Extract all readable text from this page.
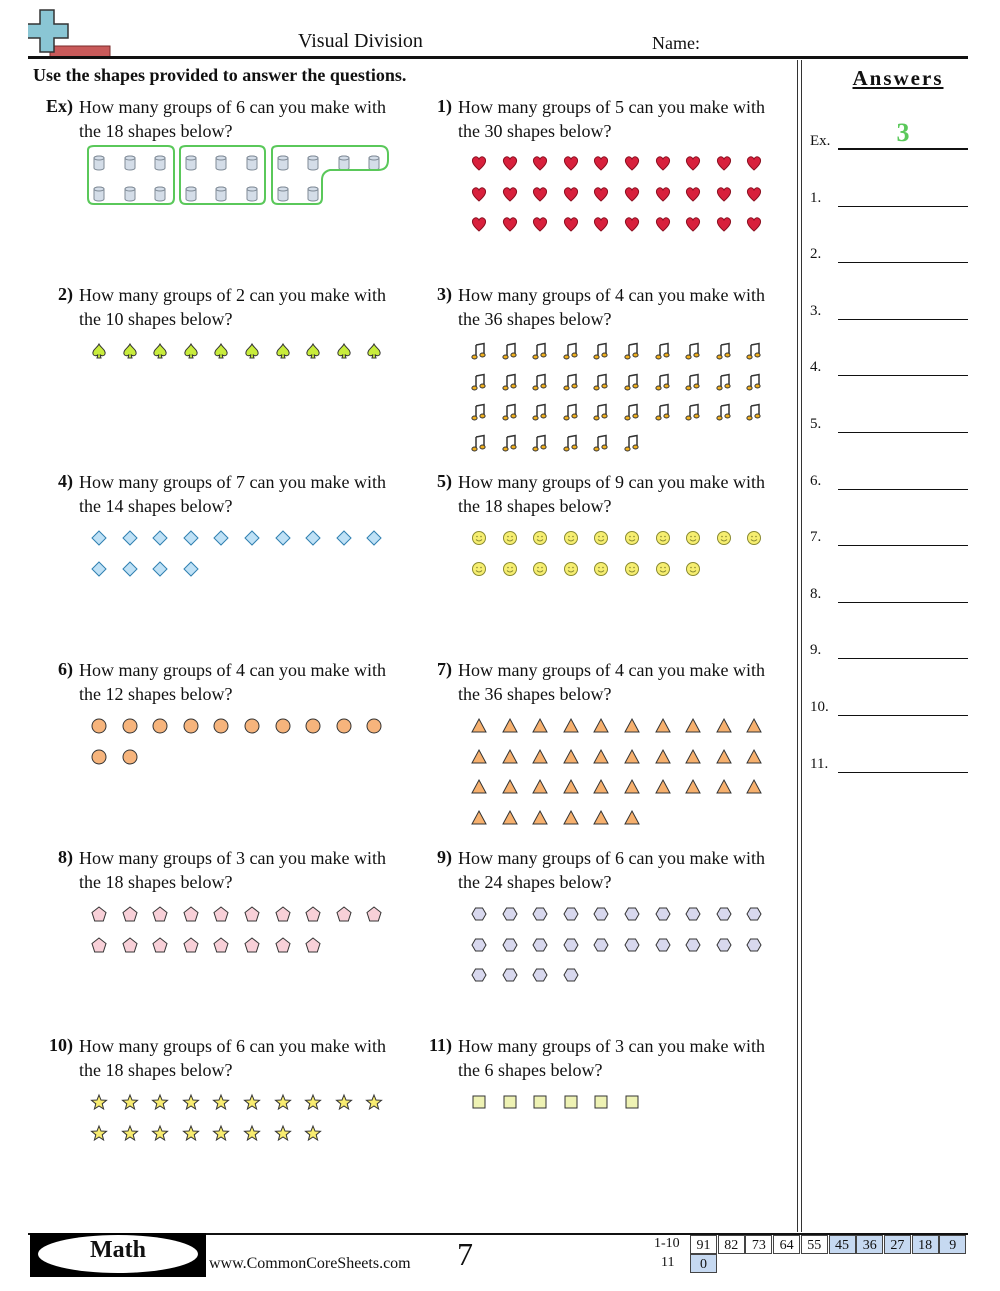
Visual Division	Name:
Use the shapes provided to answer the questions.	Answers
Ex.	3
1.
2.
3.
4.
5.
6.
7.
8.
9.
10.
11.
Ex) How many groups of 6 can you make with the 18 shapes below?
1) How many groups of 5 can you make with the 30 shapes below?
2) How many groups of 2 can you make with the 10 shapes below?
3) How many groups of 4 can you make with the 36 shapes below?
4) How many groups of 7 can you make with the 14 shapes below?
5) How many groups of 9 can you make with the 18 shapes below?
6) How many groups of 4 can you make with the 12 shapes below?
7) How many groups of 4 can you make with the 36 shapes below?
8) How many groups of 3 can you make with the 18 shapes below?
9) How many groups of 6 can you make with the 24 shapes below?
10) How many groups of 6 can you make with the 18 shapes below?
11) How many groups of 3 can you make with the 6 shapes below?
Math
www.CommonCoreSheets.com 7	1-10	91 82 73 64 55 45 36 27 18	9
11	0
